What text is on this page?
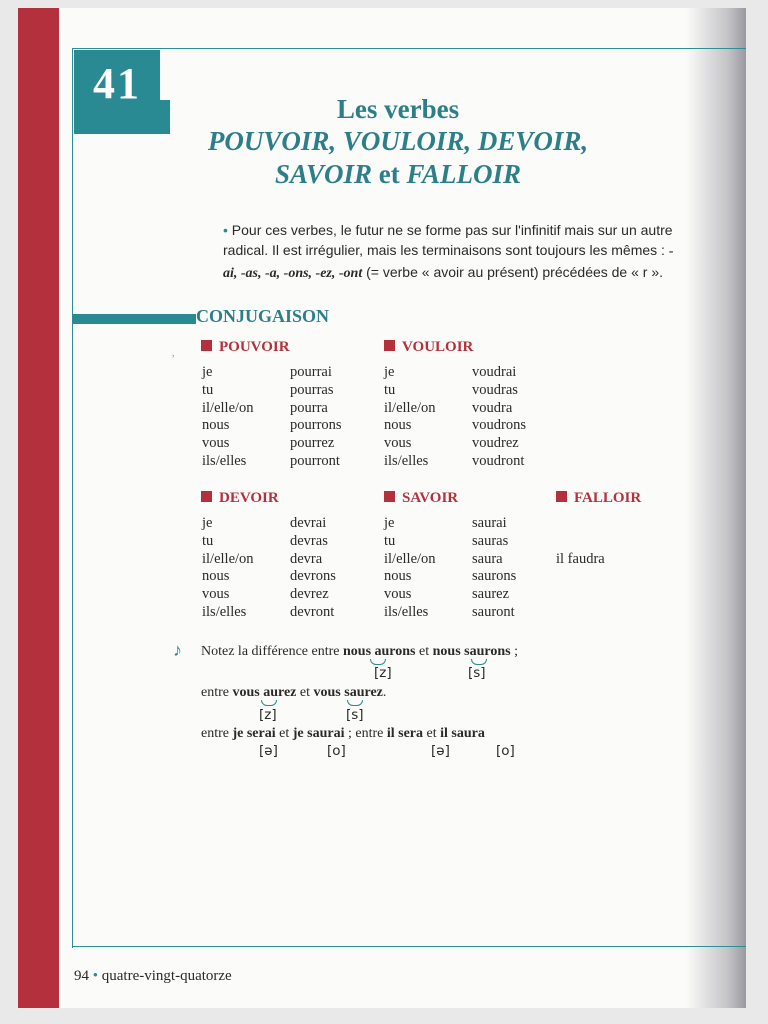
41
Les verbes
POUVOIR, VOULOIR, DEVOIR,
SAVOIR et FALLOIR
• Pour ces verbes, le futur ne se forme pas sur l'infinitif mais sur un autre radical. Il est irrégulier, mais les terminaisons sont toujours les mêmes : -ai, -as, -a, -ons, -ez, -ont (= verbe « avoir au présent) précédées de « r ».
CONJUGAISON
,	POUVOIR
je	pourrai
tu	pourras
il/elle/on	pourra
nous	pourrons
vous	pourrez
ils/elles	pourront
VOULOIR
je	voudrai
tu	voudras
il/elle/on	voudra
nous	voudrons
vous	voudrez
ils/elles	voudront
DEVOIR
je	devrai
tu	devras
il/elle/on	devra
nous	devrons
vous	devrez
ils/elles	devront
SAVOIR
je	saurai
tu	sauras
il/elle/on	saura
nous	saurons
vous	saurez
ils/elles	sauront
FALLOIR
il faudra
♪ Notez la différence entre nous aurons et nous saurons ;
[z]	[s]
entre vous aurez et vous saurez.
[z]	[s]
entre je serai et je saurai ; entre il sera et il saura
[ə]	[o]	[ə]	[o]
94 • quatre-vingt-quatorze
